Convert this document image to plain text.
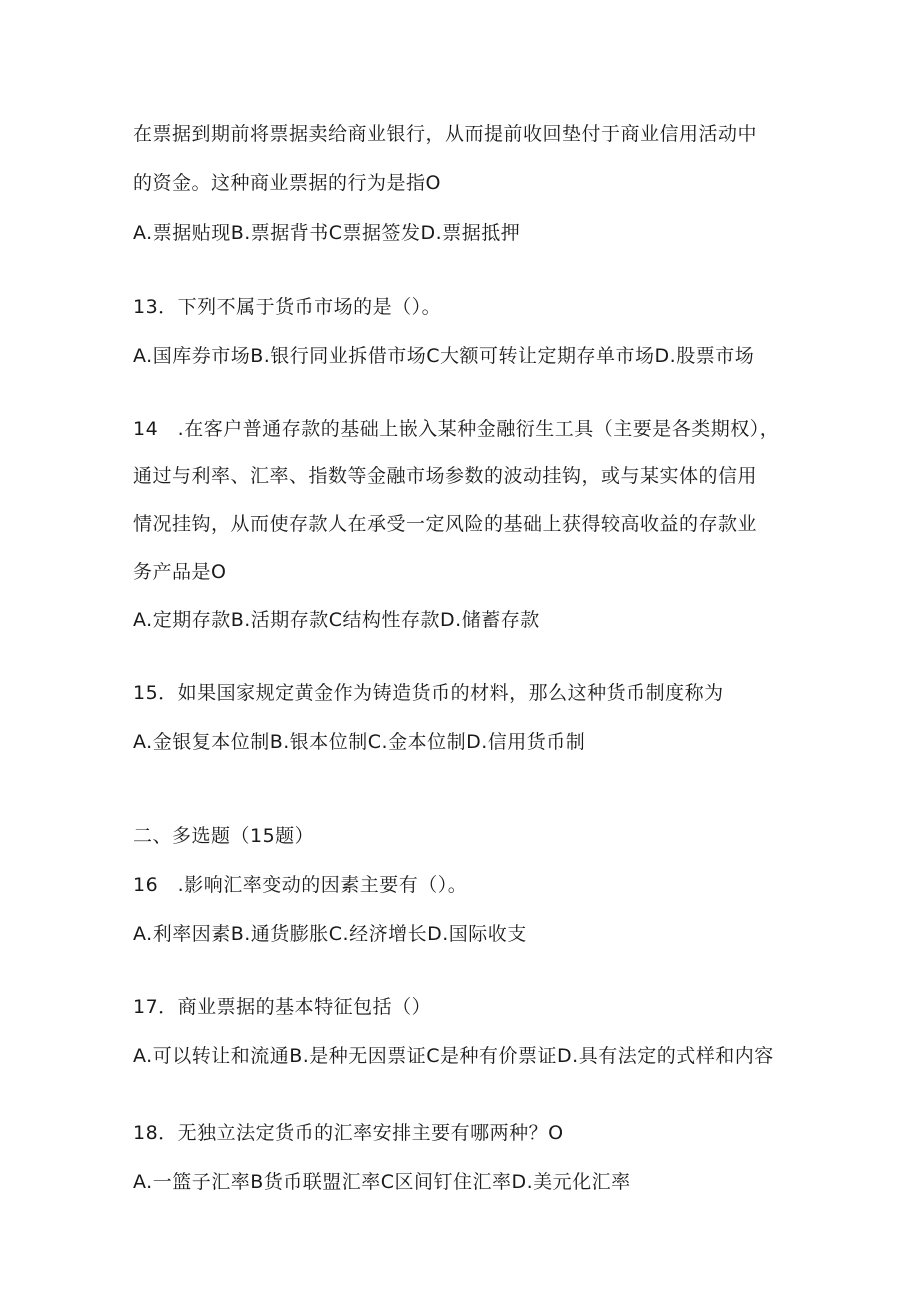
在票据到期前将票据卖给商业银行，从而提前收回垫付于商业信用活动中
的资金。这种商业票据的行为是指O
A.票据贴现B.票据背书C票据签发D.票据抵押
13．下列不属于货币市场的是（）。
A.国库券市场B.银行同业拆借市场C大额可转让定期存单市场D.股票市场
14　.在客户普通存款的基础上嵌入某种金融衍生工具（主要是各类期权），
通过与利率、汇率、指数等金融市场参数的波动挂钩，或与某实体的信用
情况挂钩，从而使存款人在承受一定风险的基础上获得较高收益的存款业
务产品是O
A.定期存款B.活期存款C结构性存款D.储蓄存款
15．如果国家规定黄金作为铸造货币的材料，那么这种货币制度称为
A.金银复本位制B.银本位制C.金本位制D.信用货币制
二、多选题（15题）
16　.影响汇率变动的因素主要有（）。
A.利率因素B.通货膨胀C.经济增长D.国际收支
17．商业票据的基本特征包括（）
A.可以转让和流通B.是种无因票证C是种有价票证D.具有法定的式样和内容
18．无独立法定货币的汇率安排主要有哪两种？O
A.一篮子汇率B货币联盟汇率C区间钉住汇率D.美元化汇率
